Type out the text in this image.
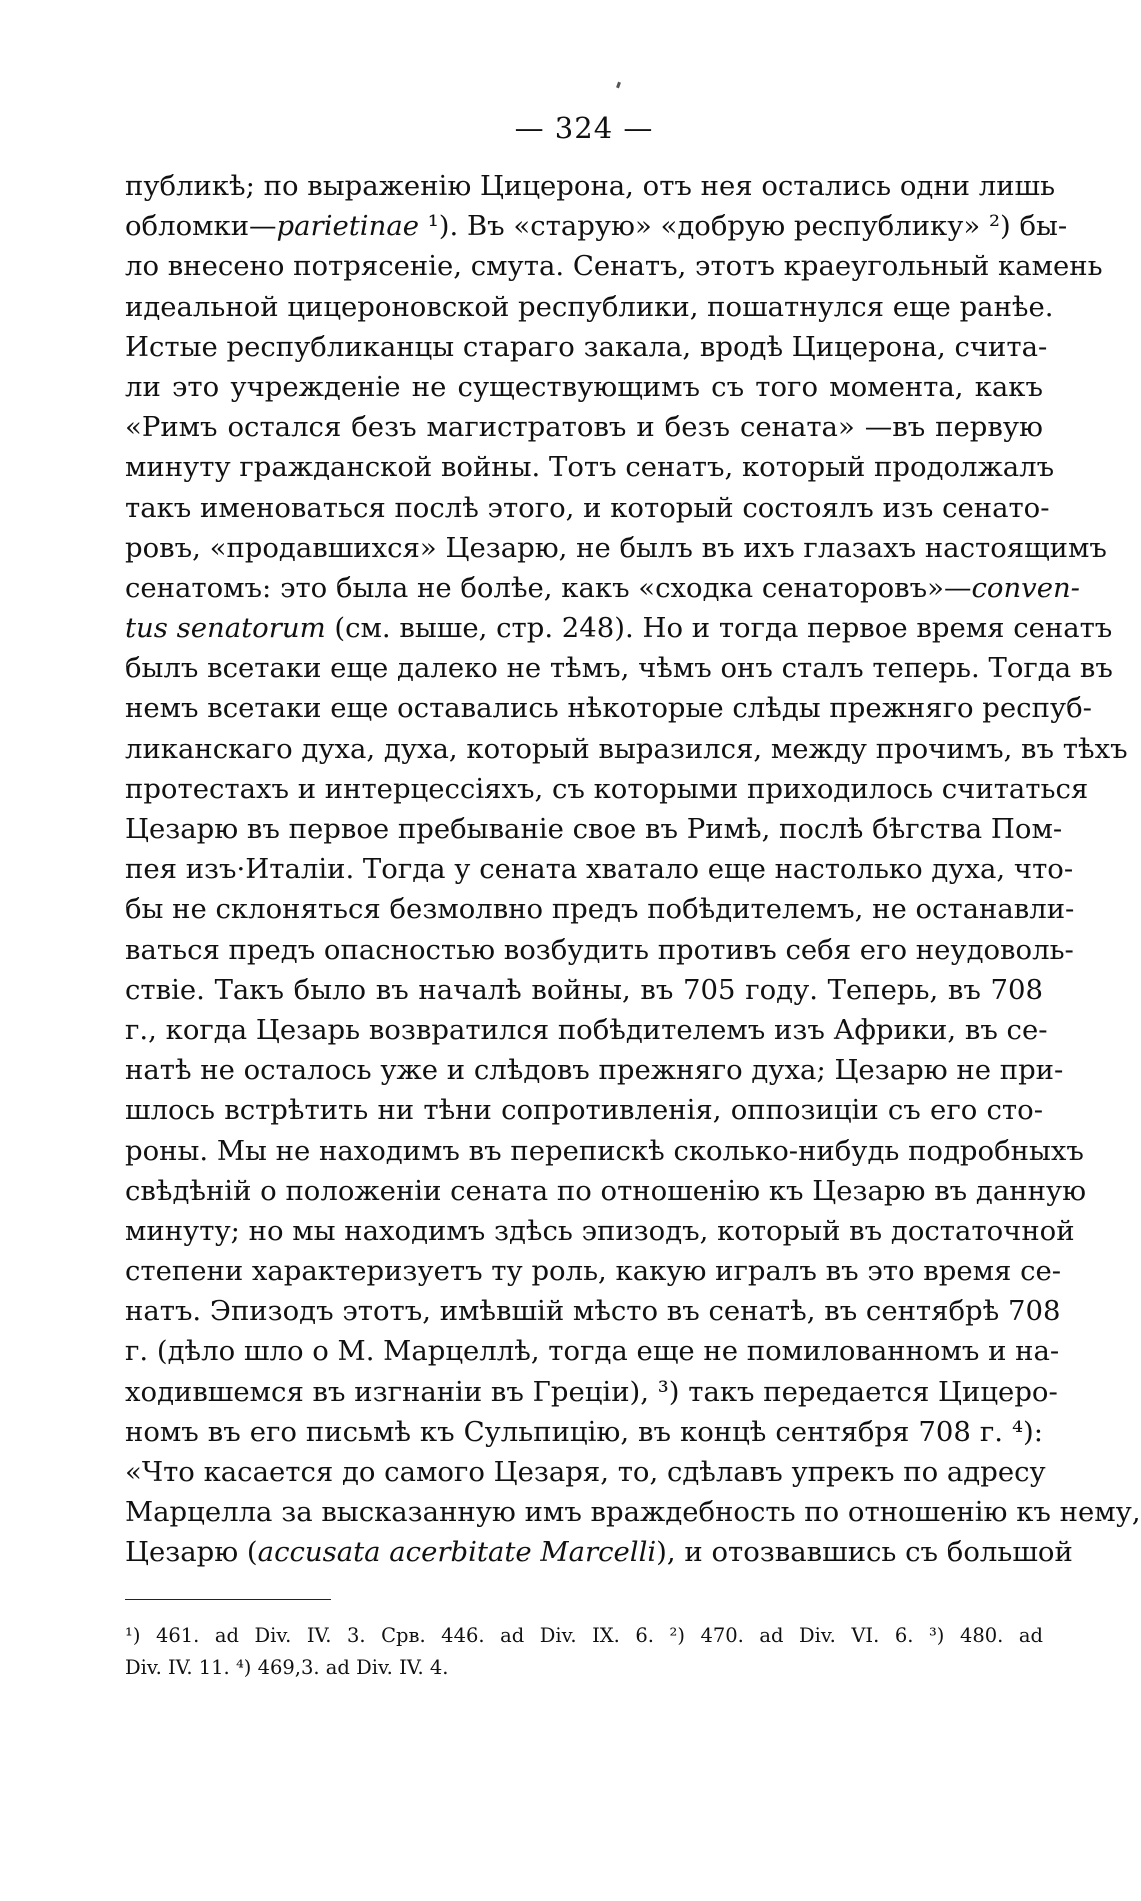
— 324 —
публикѣ; по выраженію Цицерона, отъ нея остались одни лишь
обломки—parietinae ¹). Въ «старую» «добрую республику» ²) бы-
ло внесено потрясеніе, смута. Сенатъ, этотъ краеугольный камень
идеальной цицероновской республики, пошатнулся еще ранѣе.
Истые республиканцы стараго закала, вродѣ Цицерона, счита-
ли это учрежденіе не существующимъ съ того момента, какъ
«Римъ остался безъ магистратовъ и безъ сената» —въ первую
минуту гражданской войны. Тотъ сенатъ, который продолжалъ
такъ именоваться послѣ этого, и который состоялъ изъ сенато-
ровъ, «продавшихся» Цезарю, не былъ въ ихъ глазахъ настоящимъ
сенатомъ: это была не болѣе, какъ «сходка сенаторовъ»—conven-
tus senatorum (см. выше, стр. 248). Но и тогда первое время сенатъ
былъ всетаки еще далеко не тѣмъ, чѣмъ онъ сталъ теперь. Тогда въ
немъ всетаки еще оставались нѣкоторые слѣды прежняго респуб-
ликанскаго духа, духа, который выразился, между прочимъ, въ тѣхъ
протестахъ и интерцессіяхъ, съ которыми приходилось считаться
Цезарю въ первое пребываніе свое въ Римѣ, послѣ бѣгства Пом-
пея изъ·Италіи. Тогда у сената хватало еще настолько духа, что-
бы не склоняться безмолвно предъ побѣдителемъ, не останавли-
ваться предъ опасностью возбудить противъ себя его неудоволь-
ствіе. Такъ было въ началѣ войны, въ 705 году. Теперь, въ 708
г., когда Цезарь возвратился побѣдителемъ изъ Африки, въ се-
натѣ не осталось уже и слѣдовъ прежняго духа; Цезарю не при-
шлось встрѣтить ни тѣни сопротивленія, оппозиціи съ его сто-
роны. Мы не находимъ въ перепискѣ сколько-нибудь подробныхъ
свѣдѣній о положеніи сената по отношенію къ Цезарю въ данную
минуту; но мы находимъ здѣсь эпизодъ, который въ достаточной
степени характеризуетъ ту роль, какую игралъ въ это время се-
натъ. Эпизодъ этотъ, имѣвшій мѣсто въ сенатѣ, въ сентябрѣ 708
г. (дѣло шло о М. Марцеллѣ, тогда еще не помилованномъ и на-
ходившемся въ изгнаніи въ Греціи), ³) такъ передается Цицеро-
номъ въ его письмѣ къ Сульпицію, въ концѣ сентября 708 г. ⁴):
«Что касается до самого Цезаря, то, сдѣлавъ упрекъ по адресу
Марцелла за высказанную имъ враждебность по отношенію къ нему,
Цезарю (accusata acerbitate Marcelli), и отозвавшись съ большой
¹) 461. ad Div. IV. 3. Срв. 446. ad Div. IX. 6. ²) 470. ad Div. VI. 6. ³) 480. ad
Div. IV. 11. ⁴) 469,3. ad Div. IV. 4.
